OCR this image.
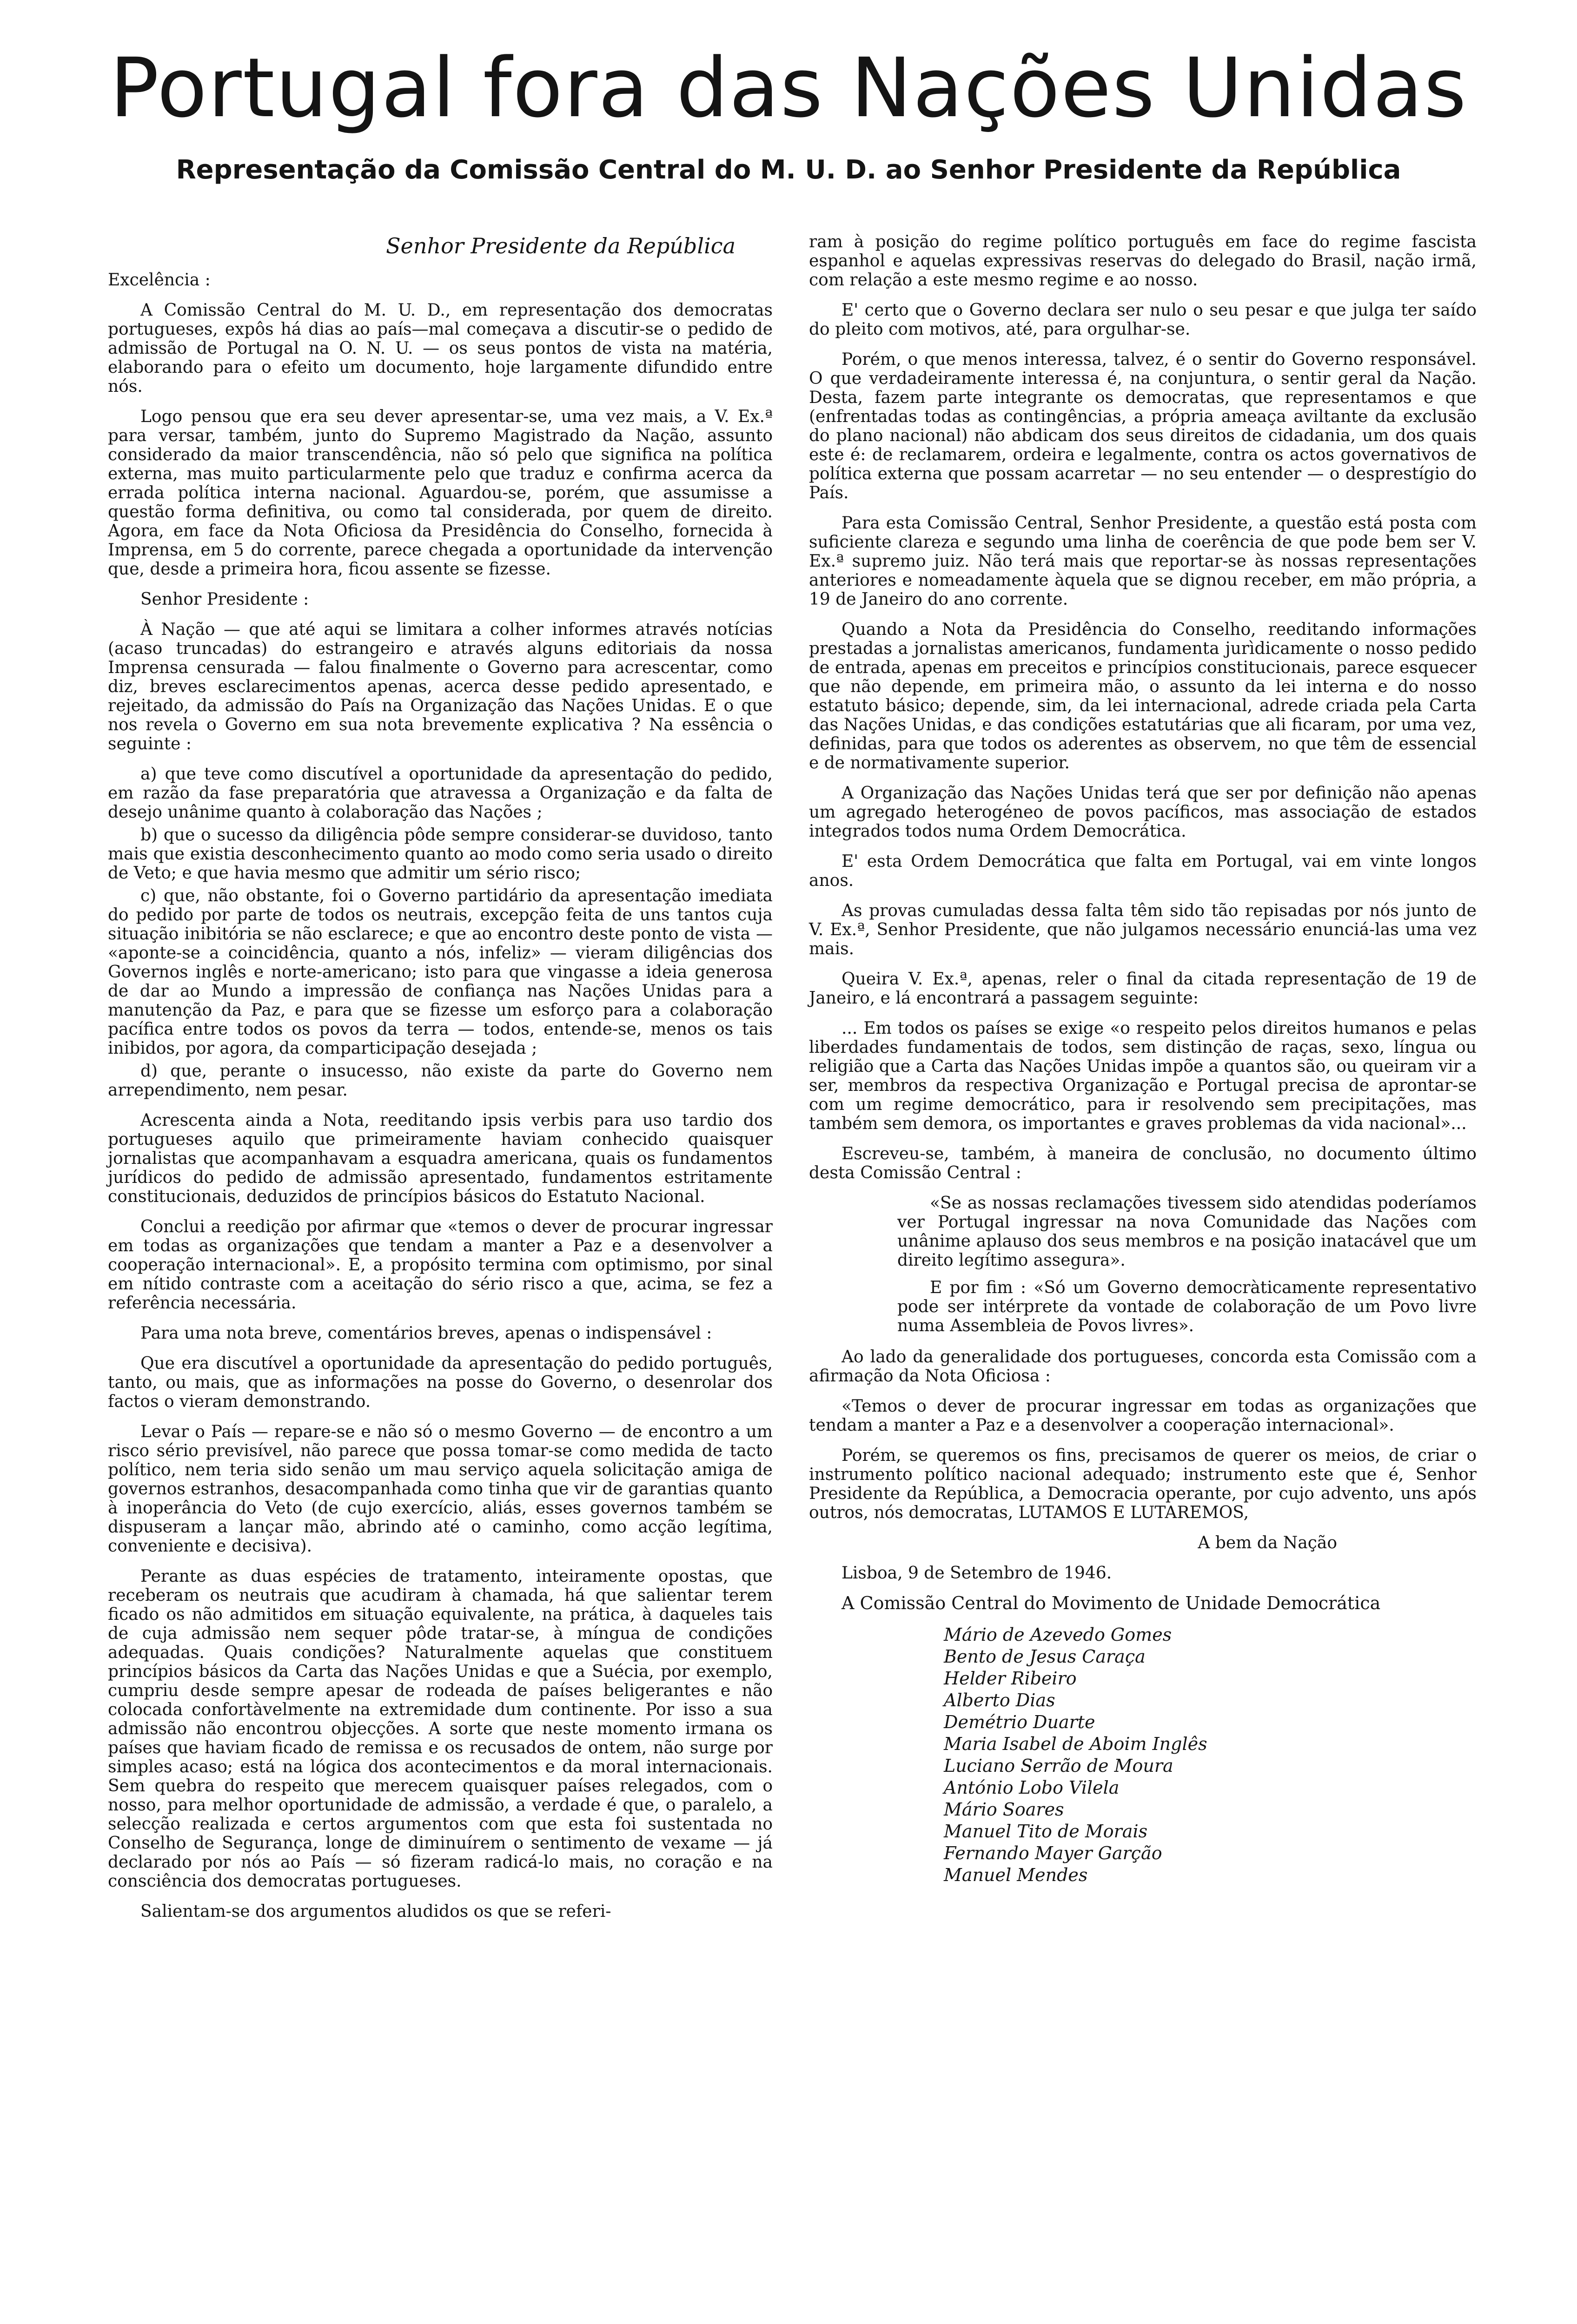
Portugal fora das Nações Unidas
Representação da Comissão Central do M. U. D. ao Senhor Presidente da República

Senhor Presidente da República

Excelência :

A Comissão Central do M. U. D., em representação dos democratas portugueses, expôs há dias ao país—mal começava a discutir-se o pedido de admissão de Portugal na O. N. U. — os seus pontos de vista na matéria, elaborando para o efeito um documento, hoje largamente difundido entre nós.

Logo pensou que era seu dever apresentar-se, uma vez mais, a V. Ex.ª para versar, também, junto do Supremo Magistrado da Nação, assunto considerado da maior transcendência, não só pelo que significa na política externa, mas muito particularmente pelo que traduz e confirma acerca da errada política interna nacional. Aguardou-se, porém, que assumisse a questão forma definitiva, ou como tal considerada, por quem de direito. Agora, em face da Nota Oficiosa da Presidência do Conselho, fornecida à Imprensa, em 5 do corrente, parece chegada a oportunidade da intervenção que, desde a primeira hora, ficou assente se fizesse.

Senhor Presidente :

À Nação — que até aqui se limitara a colher informes através notícias (acaso truncadas) do estrangeiro e através alguns editoriais da nossa Imprensa censurada — falou finalmente o Governo para acrescentar, como diz, breves esclarecimentos apenas, acerca desse pedido apresentado, e rejeitado, da admissão do País na Organização das Nações Unidas. E o que nos revela o Governo em sua nota brevemente explicativa ? Na essência o seguinte :

a) que teve como discutível a oportunidade da apresentação do pedido, em razão da fase preparatória que atravessa a Organização e da falta de desejo unânime quanto à colaboração das Nações ;

b) que o sucesso da diligência pôde sempre considerar-se duvidoso, tanto mais que existia desconhecimento quanto ao modo como seria usado o direito de Veto; e que havia mesmo que admitir um sério risco;

c) que, não obstante, foi o Governo partidário da apresentação imediata do pedido por parte de todos os neutrais, excepção feita de uns tantos cuja situação inibitória se não esclarece; e que ao encontro deste ponto de vista — «aponte-se a coincidência, quanto a nós, infeliz» — vieram diligências dos Governos inglês e norte-americano; isto para que vingasse a ideia generosa de dar ao Mundo a impressão de confiança nas Nações Unidas para a manutenção da Paz, e para que se fizesse um esforço para a colaboração pacífica entre todos os povos da terra — todos, entende-se, menos os tais inibidos, por agora, da comparticipação desejada ;

d) que, perante o insucesso, não existe da parte do Governo nem arrependimento, nem pesar.

Acrescenta ainda a Nota, reeditando ipsis verbis para uso tardio dos portugueses aquilo que primeiramente haviam conhecido quaisquer jornalistas que acompanhavam a esquadra americana, quais os fundamentos jurídicos do pedido de admissão apresentado, fundamentos estritamente constitucionais, deduzidos de princípios básicos do Estatuto Nacional.

Conclui a reedição por afirmar que «temos o dever de procurar ingressar em todas as organizações que tendam a manter a Paz e a desenvolver a cooperação internacional». E, a propósito termina com optimismo, por sinal em nítido contraste com a aceitação do sério risco a que, acima, se fez a referência necessária.

Para uma nota breve, comentários breves, apenas o indispensável :

Que era discutível a oportunidade da apresentação do pedido português, tanto, ou mais, que as informações na posse do Governo, o desenrolar dos factos o vieram demonstrando.

Levar o País — repare-se e não só o mesmo Governo — de encontro a um risco sério previsível, não parece que possa tomar-se como medida de tacto político, nem teria sido senão um mau serviço aquela solicitação amiga de governos estranhos, desacompanhada como tinha que vir de garantias quanto à inoperância do Veto (de cujo exercício, aliás, esses governos também se dispuseram a lançar mão, abrindo até o caminho, como acção legítima, conveniente e decisiva).

Perante as duas espécies de tratamento, inteiramente opostas, que receberam os neutrais que acudiram à chamada, há que salientar terem ficado os não admitidos em situação equivalente, na prática, à daqueles tais de cuja admissão nem sequer pôde tratar-se, à míngua de condições adequadas. Quais condições? Naturalmente aquelas que constituem princípios básicos da Carta das Nações Unidas e que a Suécia, por exemplo, cumpriu desde sempre apesar de rodeada de países beligerantes e não colocada confortàvelmente na extremidade dum continente. Por isso a sua admissão não encontrou objecções. A sorte que neste momento irmana os países que haviam ficado de remissa e os recusados de ontem, não surge por simples acaso; está na lógica dos acontecimentos e da moral internacionais. Sem quebra do respeito que merecem quaisquer países relegados, com o nosso, para melhor oportunidade de admissão, a verdade é que, o paralelo, a selecção realizada e certos argumentos com que esta foi sustentada no Conselho de Segurança, longe de diminuírem o sentimento de vexame — já declarado por nós ao País — só fizeram radicá-lo mais, no coração e na consciência dos democratas portugueses.

Salientam-se dos argumentos aludidos os que se referi-

ram à posição do regime político português em face do regime fascista espanhol e aquelas expressivas reservas do delegado do Brasil, nação irmã, com relação a este mesmo regime e ao nosso.

E' certo que o Governo declara ser nulo o seu pesar e que julga ter saído do pleito com motivos, até, para orgulhar-se.

Porém, o que menos interessa, talvez, é o sentir do Governo responsável. O que verdadeiramente interessa é, na conjuntura, o sentir geral da Nação. Desta, fazem parte integrante os democratas, que representamos e que (enfrentadas todas as contingências, a própria ameaça aviltante da exclusão do plano nacional) não abdicam dos seus direitos de cidadania, um dos quais este é: de reclamarem, ordeira e legalmente, contra os actos governativos de política externa que possam acarretar — no seu entender — o desprestígio do País.

Para esta Comissão Central, Senhor Presidente, a questão está posta com suficiente clareza e segundo uma linha de coerência de que pode bem ser V. Ex.ª supremo juiz. Não terá mais que reportar-se às nossas representações anteriores e nomeadamente àquela que se dignou receber, em mão própria, a 19 de Janeiro do ano corrente.

Quando a Nota da Presidência do Conselho, reeditando informações prestadas a jornalistas americanos, fundamenta jurìdicamente o nosso pedido de entrada, apenas em preceitos e princípios constitucionais, parece esquecer que não depende, em primeira mão, o assunto da lei interna e do nosso estatuto básico; depende, sim, da lei internacional, adrede criada pela Carta das Nações Unidas, e das condições estatutárias que ali ficaram, por uma vez, definidas, para que todos os aderentes as observem, no que têm de essencial e de normativamente superior.

A Organização das Nações Unidas terá que ser por definição não apenas um agregado heterogéneo de povos pacíficos, mas associação de estados integrados todos numa Ordem Democrática.

E' esta Ordem Democrática que falta em Portugal, vai em vinte longos anos.

As provas cumuladas dessa falta têm sido tão repisadas por nós junto de V. Ex.ª, Senhor Presidente, que não julgamos necessário enunciá-las uma vez mais.

Queira V. Ex.ª, apenas, reler o final da citada representação de 19 de Janeiro, e lá encontrará a passagem seguinte:

... Em todos os países se exige «o respeito pelos direitos humanos e pelas liberdades fundamentais de todos, sem distinção de raças, sexo, língua ou religião que a Carta das Nações Unidas impõe a quantos são, ou queiram vir a ser, membros da respectiva Organização e Portugal precisa de aprontar-se com um regime democrático, para ir resolvendo sem precipitações, mas também sem demora, os importantes e graves problemas da vida nacional»...

Escreveu-se, também, à maneira de conclusão, no documento último desta Comissão Central :

«Se as nossas reclamações tivessem sido atendidas poderíamos ver Portugal ingressar na nova Comunidade das Nações com unânime aplauso dos seus membros e na posição inatacável que um direito legítimo assegura».

E por fim : «Só um Governo democràticamente representativo pode ser intérprete da vontade de colaboração de um Povo livre numa Assembleia de Povos livres».

Ao lado da generalidade dos portugueses, concorda esta Comissão com a afirmação da Nota Oficiosa :

«Temos o dever de procurar ingressar em todas as organizações que tendam a manter a Paz e a desenvolver a cooperação internacional».

Porém, se queremos os fins, precisamos de querer os meios, de criar o instrumento político nacional adequado; instrumento este que é, Senhor Presidente da República, a Democracia operante, por cujo advento, uns após outros, nós democratas, LUTAMOS E LUTAREMOS,

A bem da Nação

Lisboa, 9 de Setembro de 1946.

A Comissão Central do Movimento de Unidade Democrática

Mário de Azevedo Gomes
Bento de Jesus Caraça
Helder Ribeiro
Alberto Dias
Demétrio Duarte
Maria Isabel de Aboim Inglês
Luciano Serrão de Moura
António Lobo Vilela
Mário Soares
Manuel Tito de Morais
Fernando Mayer Garção
Manuel Mendes
